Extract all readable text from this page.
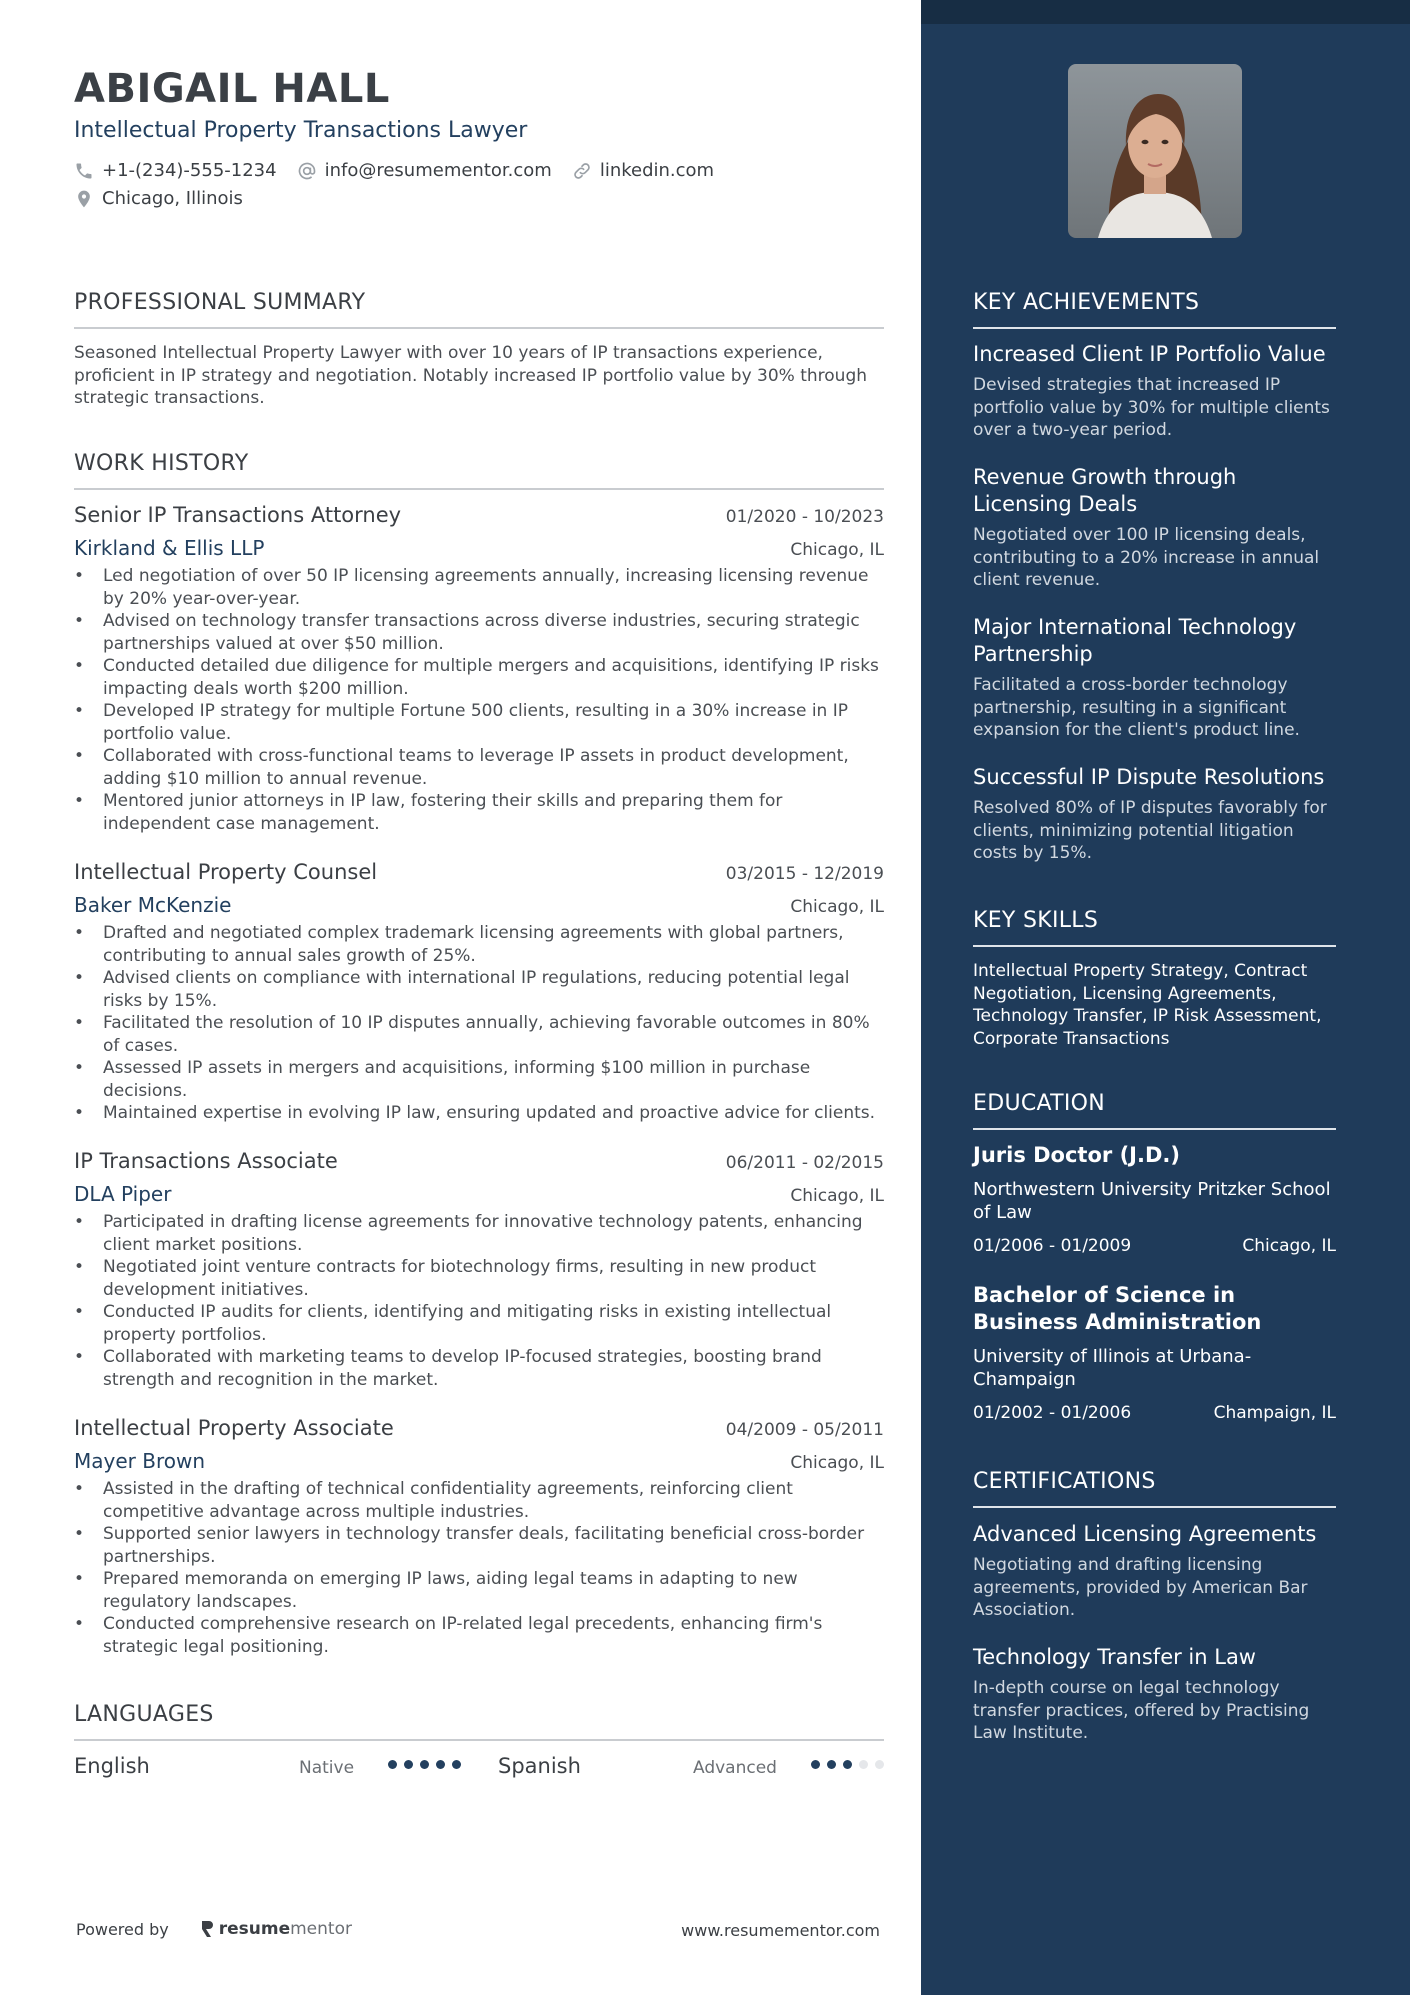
ABIGAIL HALL
Intellectual Property Transactions Lawyer
+1-(234)-555-1234	info@resumementor.com	linkedin.com
Chicago, Illinois
PROFESSIONAL SUMMARY
Seasoned Intellectual Property Lawyer with over 10 years of IP transactions experience, proficient in IP strategy and negotiation. Notably increased IP portfolio value by 30% through strategic transactions.
WORK HISTORY
Senior IP Transactions Attorney	01/2020 - 10/2023
Kirkland & Ellis LLP	Chicago, IL
• Led negotiation of over 50 IP licensing agreements annually, increasing licensing revenue by 20% year-over-year.
• Advised on technology transfer transactions across diverse industries, securing strategic partnerships valued at over $50 million.
• Conducted detailed due diligence for multiple mergers and acquisitions, identifying IP risks impacting deals worth $200 million.
• Developed IP strategy for multiple Fortune 500 clients, resulting in a 30% increase in IP portfolio value.
• Collaborated with cross-functional teams to leverage IP assets in product development, adding $10 million to annual revenue.
• Mentored junior attorneys in IP law, fostering their skills and preparing them for independent case management.
Intellectual Property Counsel	03/2015 - 12/2019
Baker McKenzie	Chicago, IL
• Drafted and negotiated complex trademark licensing agreements with global partners, contributing to annual sales growth of 25%.
• Advised clients on compliance with international IP regulations, reducing potential legal risks by 15%.
• Facilitated the resolution of 10 IP disputes annually, achieving favorable outcomes in 80% of cases.
• Assessed IP assets in mergers and acquisitions, informing $100 million in purchase decisions.
• Maintained expertise in evolving IP law, ensuring updated and proactive advice for clients.
IP Transactions Associate	06/2011 - 02/2015
DLA Piper	Chicago, IL
• Participated in drafting license agreements for innovative technology patents, enhancing client market positions.
• Negotiated joint venture contracts for biotechnology firms, resulting in new product development initiatives.
• Conducted IP audits for clients, identifying and mitigating risks in existing intellectual property portfolios.
• Collaborated with marketing teams to develop IP-focused strategies, boosting brand strength and recognition in the market.
Intellectual Property Associate	04/2009 - 05/2011
Mayer Brown	Chicago, IL
• Assisted in the drafting of technical confidentiality agreements, reinforcing client competitive advantage across multiple industries.
• Supported senior lawyers in technology transfer deals, facilitating beneficial cross-border partnerships.
• Prepared memoranda on emerging IP laws, aiding legal teams in adapting to new regulatory landscapes.
• Conducted comprehensive research on IP-related legal precedents, enhancing firm's strategic legal positioning.
LANGUAGES
English	Native	Spanish	Advanced
Powered by	resume mentor	www.resumementor.com
KEY ACHIEVEMENTS
Increased Client IP Portfolio Value
Devised strategies that increased IP portfolio value by 30% for multiple clients over a two-year period.
Revenue Growth through Licensing Deals
Negotiated over 100 IP licensing deals, contributing to a 20% increase in annual client revenue.
Major International Technology Partnership
Facilitated a cross-border technology partnership, resulting in a significant expansion for the client's product line.
Successful IP Dispute Resolutions
Resolved 80% of IP disputes favorably for clients, minimizing potential litigation costs by 15%.
KEY SKILLS
Intellectual Property Strategy, Contract Negotiation, Licensing Agreements, Technology Transfer, IP Risk Assessment, Corporate Transactions
EDUCATION
Juris Doctor (J.D.)
Northwestern University Pritzker School of Law
01/2006 - 01/2009	Chicago, IL
Bachelor of Science in Business Administration
University of Illinois at Urbana-Champaign
01/2002 - 01/2006	Champaign, IL
CERTIFICATIONS
Advanced Licensing Agreements
Negotiating and drafting licensing agreements, provided by American Bar Association.
Technology Transfer in Law
In-depth course on legal technology transfer practices, offered by Practising Law Institute.
